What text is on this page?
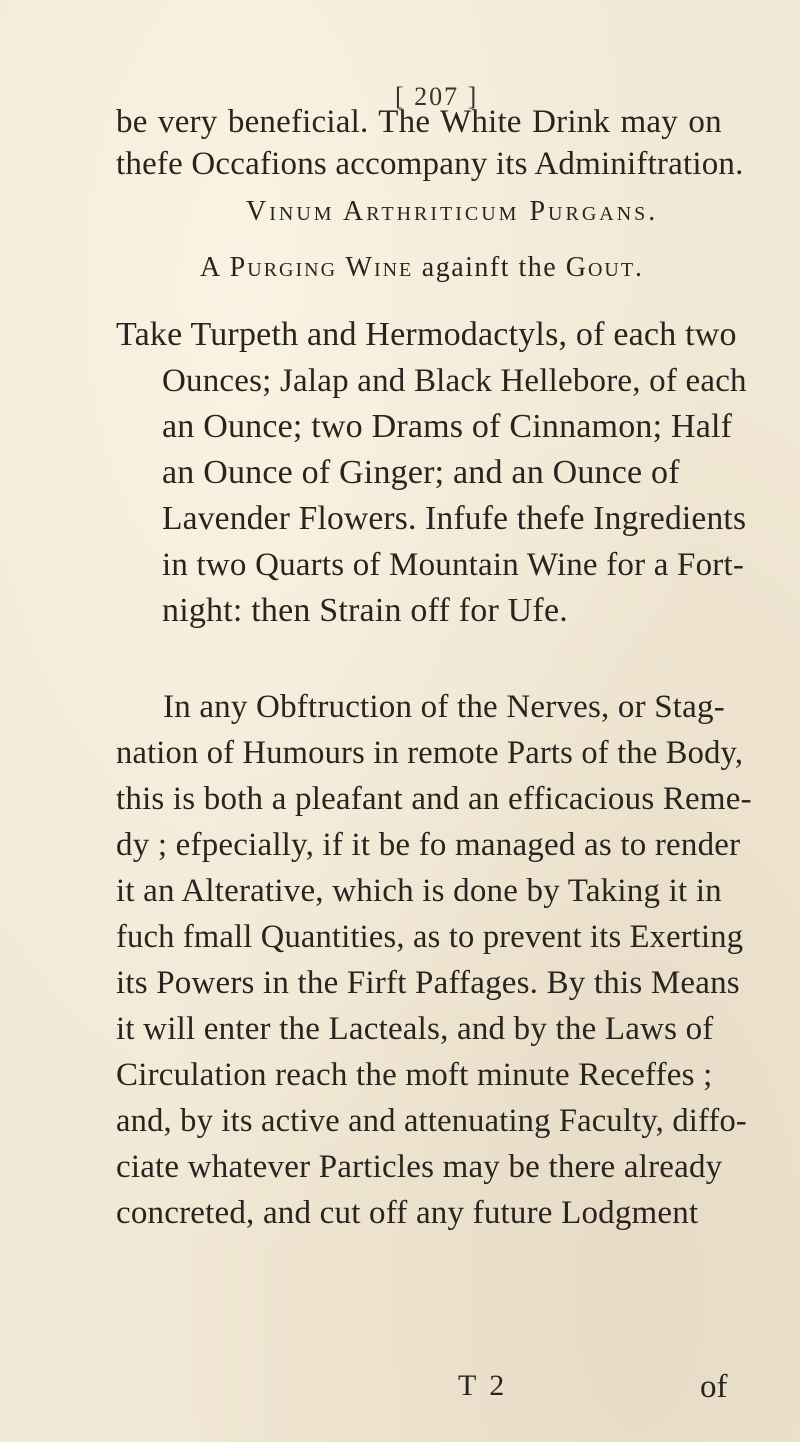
[ 207 ]
be very beneficial. The White Drink may on
thefe Occafions accompany its Adminiftration.
Vinum Arthriticum Purgans.
A Purging Wine againft the Gout.
Take Turpeth and Hermodactyls, of each two
Ounces; Jalap and Black Hellebore, of each
an Ounce; two Drams of Cinnamon; Half
an Ounce of Ginger; and an Ounce of
Lavender Flowers. Infufe thefe Ingredients
in two Quarts of Mountain Wine for a Fort-
night: then Strain off for Ufe.
In any Obftruction of the Nerves, or Stag-
nation of Humours in remote Parts of the Body,
this is both a pleafant and an efficacious Reme-
dy ; efpecially, if it be fo managed as to render
it an Alterative, which is done by Taking it in
fuch fmall Quantities, as to prevent its Exerting
its Powers in the Firft Paffages. By this Means
it will enter the Lacteals, and by the Laws of
Circulation reach the moft minute Receffes ;
and, by its active and attenuating Faculty, diffo-
ciate whatever Particles may be there already
concreted, and cut off any future Lodgment
T 2	of
